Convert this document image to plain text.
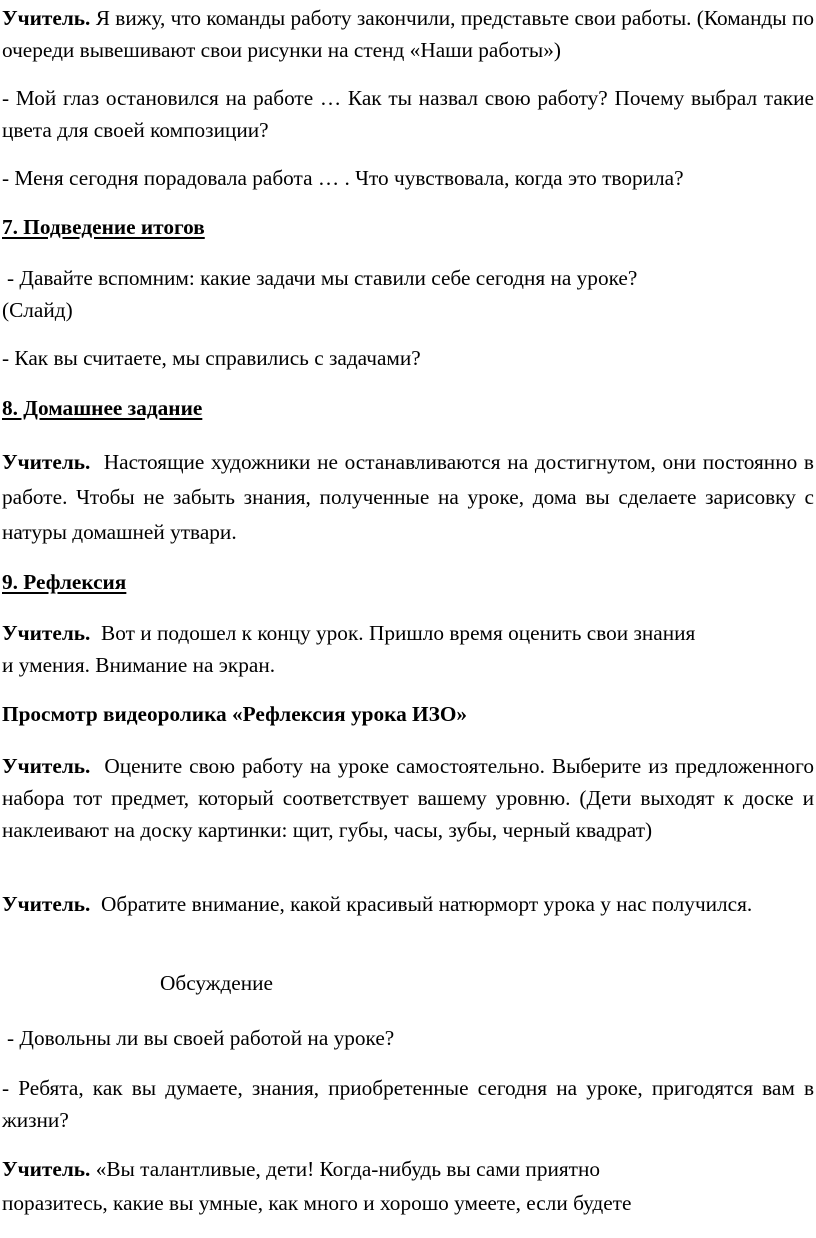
Учитель. Я вижу, что команды работу закончили, представьте свои работы. (Команды по очереди вывешивают свои рисунки на стенд «Наши работы»)

- Мой глаз остановился на работе … Как ты назвал свою работу? Почему выбрал такие цвета для своей композиции?

- Меня сегодня порадовала работа … . Что чувствовала, когда это творила?

7. Подведение итогов

- Давайте вспомним: какие задачи мы ставили себе сегодня на уроке?
(Слайд)

- Как вы считаете, мы справились с задачами?

8. Домашнее задание

Учитель. Настоящие художники не останавливаются на достигнутом, они постоянно в работе. Чтобы не забыть знания, полученные на уроке, дома вы сделаете зарисовку с натуры домашней утвари.

9. Рефлексия

Учитель. Вот и подошел к концу урок. Пришло время оценить свои знания
и умения. Внимание на экран.

Просмотр видеоролика «Рефлексия урока ИЗО»

Учитель. Оцените свою работу на уроке самостоятельно. Выберите из предложенного набора тот предмет, который соответствует вашему уровню. (Дети выходят к доске и наклеивают на доску картинки: щит, губы, часы, зубы, черный квадрат)

Учитель. Обратите внимание, какой красивый натюрморт урока у нас получился.

Обсуждение

- Довольны ли вы своей работой на уроке?

- Ребята, как вы думаете, знания, приобретенные сегодня на уроке, пригодятся вам в жизни?

Учитель. «Вы талантливые, дети! Когда-нибудь вы сами приятно
поразитесь, какие вы умные, как много и хорошо умеете, если будете
